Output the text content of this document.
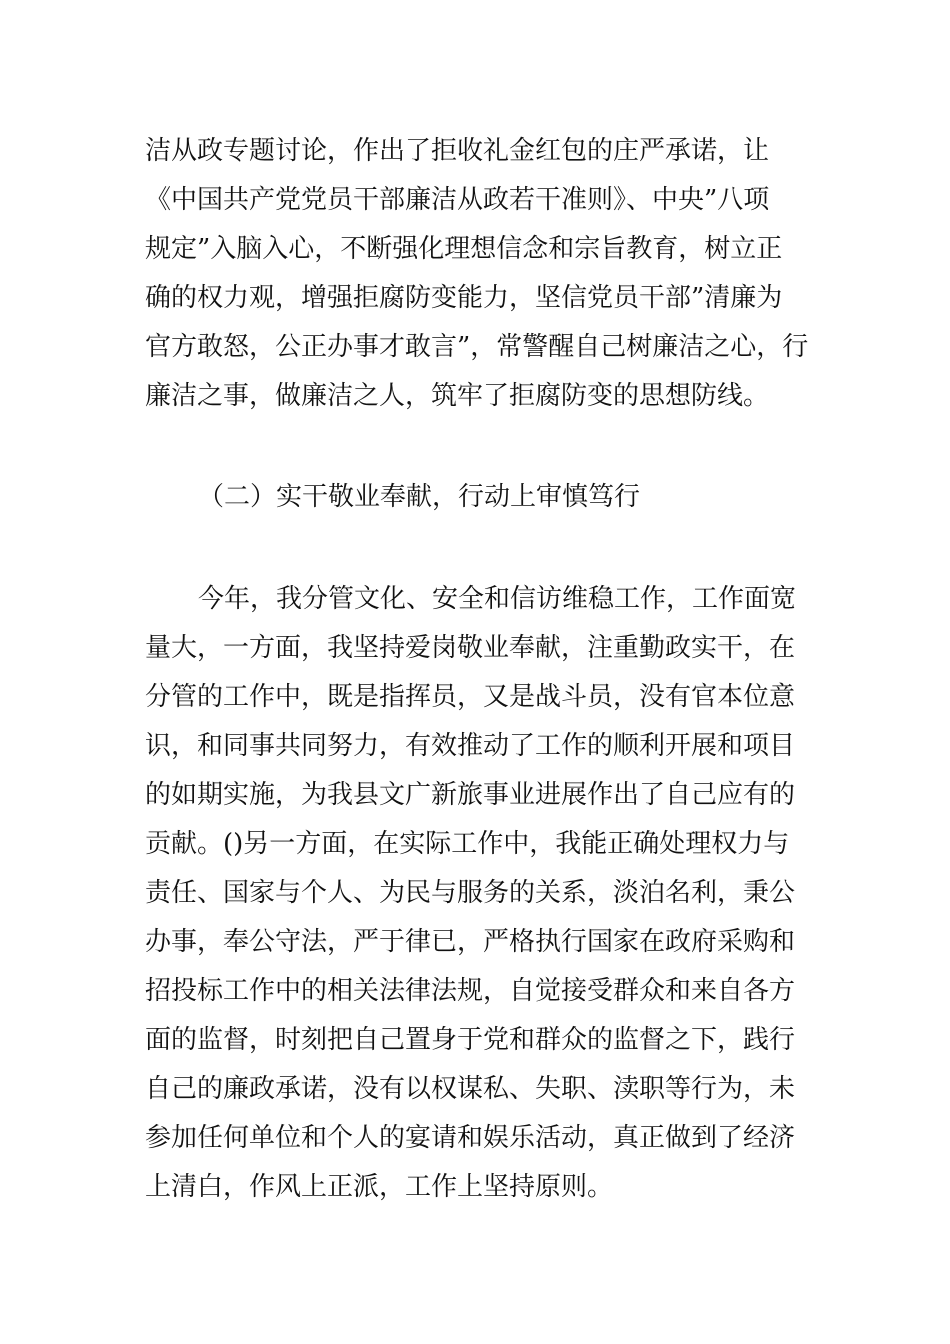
洁从政专题讨论，作出了拒收礼金红包的庄严承诺，让

《中国共产党党员干部廉洁从政若干准则》、中央”八项

规定”入脑入心，不断强化理想信念和宗旨教育，树立正

确的权力观，增强拒腐防变能力，坚信党员干部”清廉为

官方敢怒，公正办事才敢言”，常警醒自己树廉洁之心，行

廉洁之事，做廉洁之人，筑牢了拒腐防变的思想防线。

（二）实干敬业奉献，行动上审慎笃行

今年，我分管文化、安全和信访维稳工作，工作面宽

量大，一方面，我坚持爱岗敬业奉献，注重勤政实干，在

分管的工作中，既是指挥员，又是战斗员，没有官本位意

识，和同事共同努力，有效推动了工作的顺利开展和项目

的如期实施，为我县文广新旅事业进展作出了自己应有的

贡献。()另一方面，在实际工作中，我能正确处理权力与

责任、国家与个人、为民与服务的关系，淡泊名利，秉公

办事，奉公守法，严于律已，严格执行国家在政府采购和

招投标工作中的相关法律法规，自觉接受群众和来自各方

面的监督，时刻把自己置身于党和群众的监督之下，践行

自己的廉政承诺，没有以权谋私、失职、渎职等行为，未

参加任何单位和个人的宴请和娱乐活动，真正做到了经济

上清白，作风上正派，工作上坚持原则。
